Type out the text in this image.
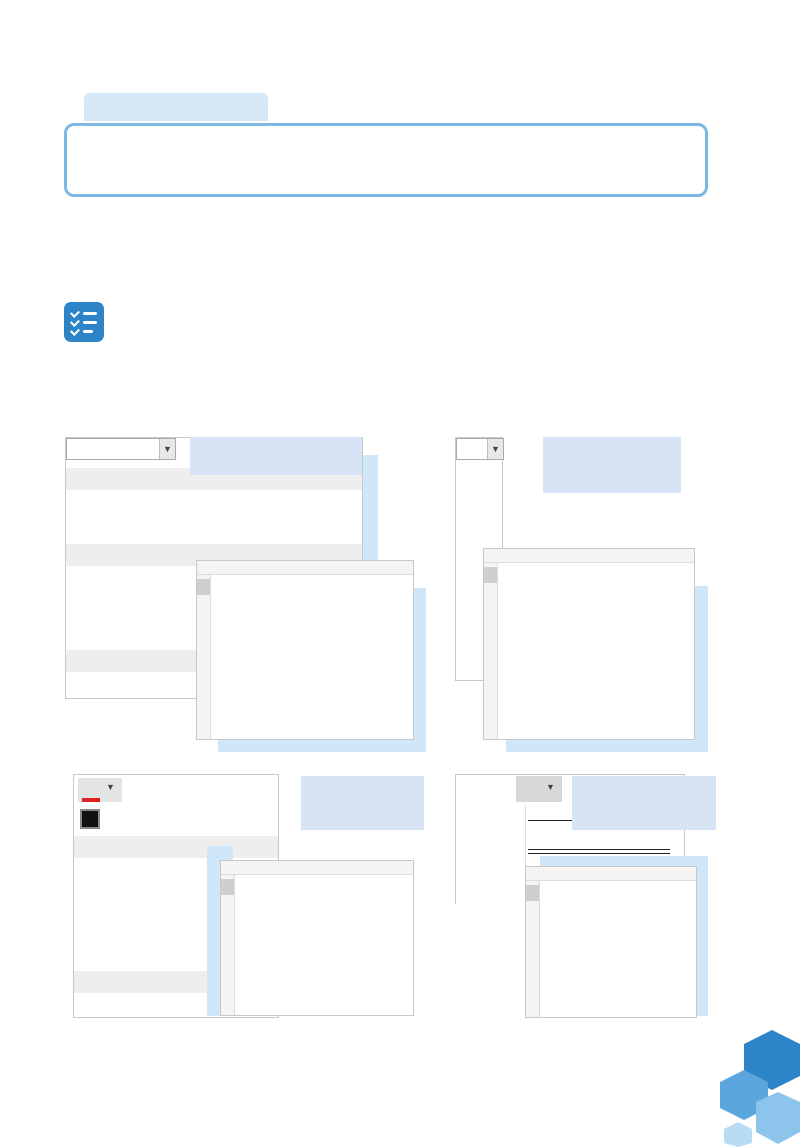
▼	▼
▼	▼
